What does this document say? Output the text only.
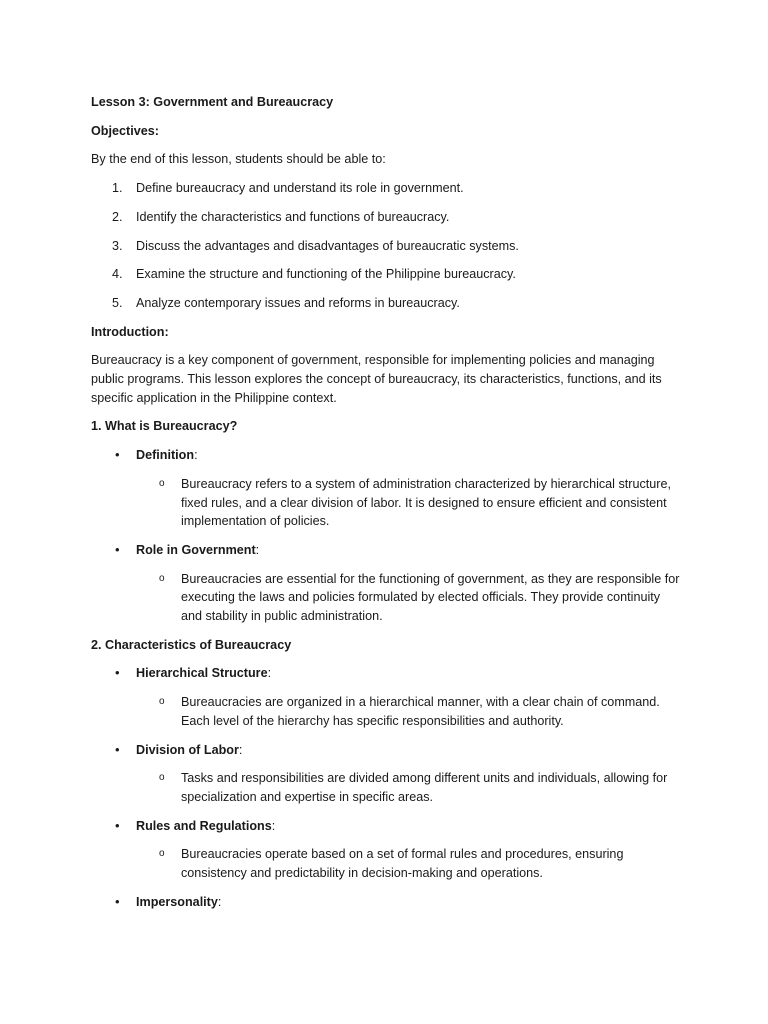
Lesson 3: Government and Bureaucracy

Objectives:

By the end of this lesson, students should be able to:

1. Define bureaucracy and understand its role in government.
2. Identify the characteristics and functions of bureaucracy.
3. Discuss the advantages and disadvantages of bureaucratic systems.
4. Examine the structure and functioning of the Philippine bureaucracy.
5. Analyze contemporary issues and reforms in bureaucracy.

Introduction:

Bureaucracy is a key component of government, responsible for implementing policies and managing public programs. This lesson explores the concept of bureaucracy, its characteristics, functions, and its specific application in the Philippine context.

1. What is Bureaucracy?

• Definition:
o Bureaucracy refers to a system of administration characterized by hierarchical structure, fixed rules, and a clear division of labor. It is designed to ensure efficient and consistent implementation of policies.
• Role in Government:
o Bureaucracies are essential for the functioning of government, as they are responsible for executing the laws and policies formulated by elected officials. They provide continuity and stability in public administration.

2. Characteristics of Bureaucracy

• Hierarchical Structure:
o Bureaucracies are organized in a hierarchical manner, with a clear chain of command. Each level of the hierarchy has specific responsibilities and authority.
• Division of Labor:
o Tasks and responsibilities are divided among different units and individuals, allowing for specialization and expertise in specific areas.
• Rules and Regulations:
o Bureaucracies operate based on a set of formal rules and procedures, ensuring consistency and predictability in decision-making and operations.
• Impersonality:
